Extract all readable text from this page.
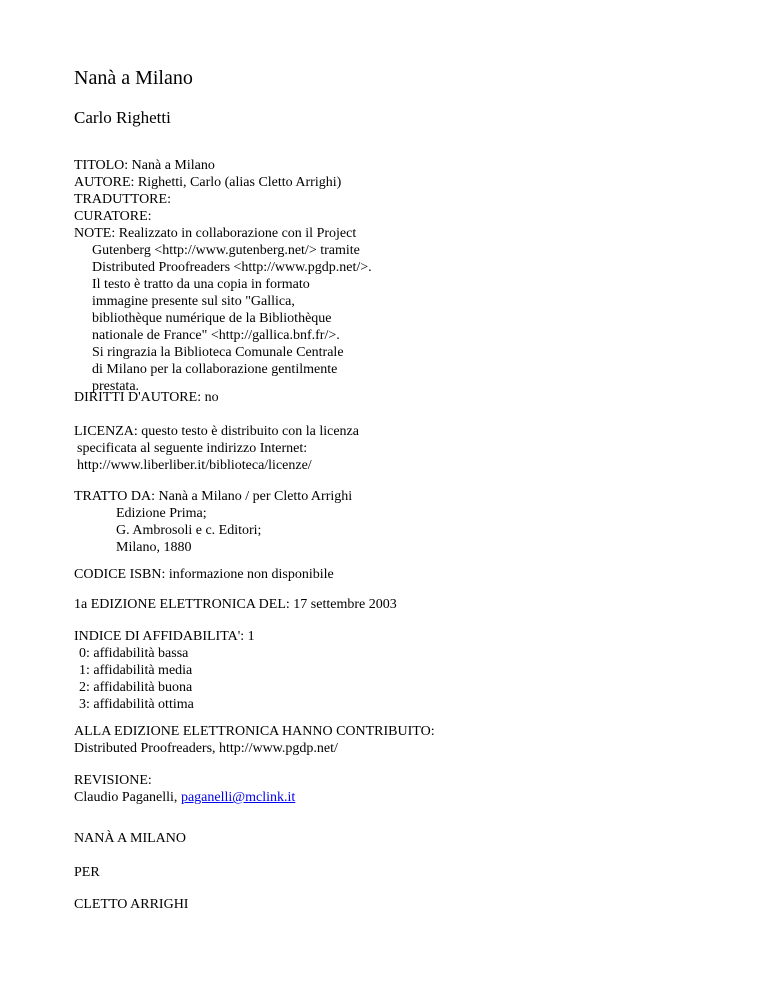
Nanà a Milano
Carlo Righetti
TITOLO: Nanà a Milano
AUTORE: Righetti, Carlo (alias Cletto Arrighi)
TRADUTTORE:
CURATORE:
NOTE: Realizzato in collaborazione con il Project

Gutenberg <http://www.gutenberg.net/> tramite
Distributed Proofreaders <http://www.pgdp.net/>.
Il testo è tratto da una copia in formato
immagine presente sul sito "Gallica,
bibliothèque numérique de la Bibliothèque
nationale de France" <http://gallica.bnf.fr/>.
Si ringrazia la Biblioteca Comunale Centrale
di Milano per la collaborazione gentilmente
prestata.
DIRITTI D'AUTORE: no
LICENZA: questo testo è distribuito con la licenza

specificata al seguente indirizzo Internet:
http://www.liberliber.it/biblioteca/licenze/
TRATTO DA: Nanà a Milano / per Cletto Arrighi

Edizione Prima;
G. Ambrosoli e c. Editori;
Milano, 1880
CODICE ISBN: informazione non disponibile
1a EDIZIONE ELETTRONICA DEL: 17 settembre 2003
INDICE DI AFFIDABILITA': 1

0: affidabilità bassa
1: affidabilità media
2: affidabilità buona
3: affidabilità ottima
ALLA EDIZIONE ELETTRONICA HANNO CONTRIBUITO:
Distributed Proofreaders, http://www.pgdp.net/
REVISIONE:
Claudio Paganelli, paganelli@mclink.it
NANÀ A MILANO
PER
CLETTO ARRIGHI
